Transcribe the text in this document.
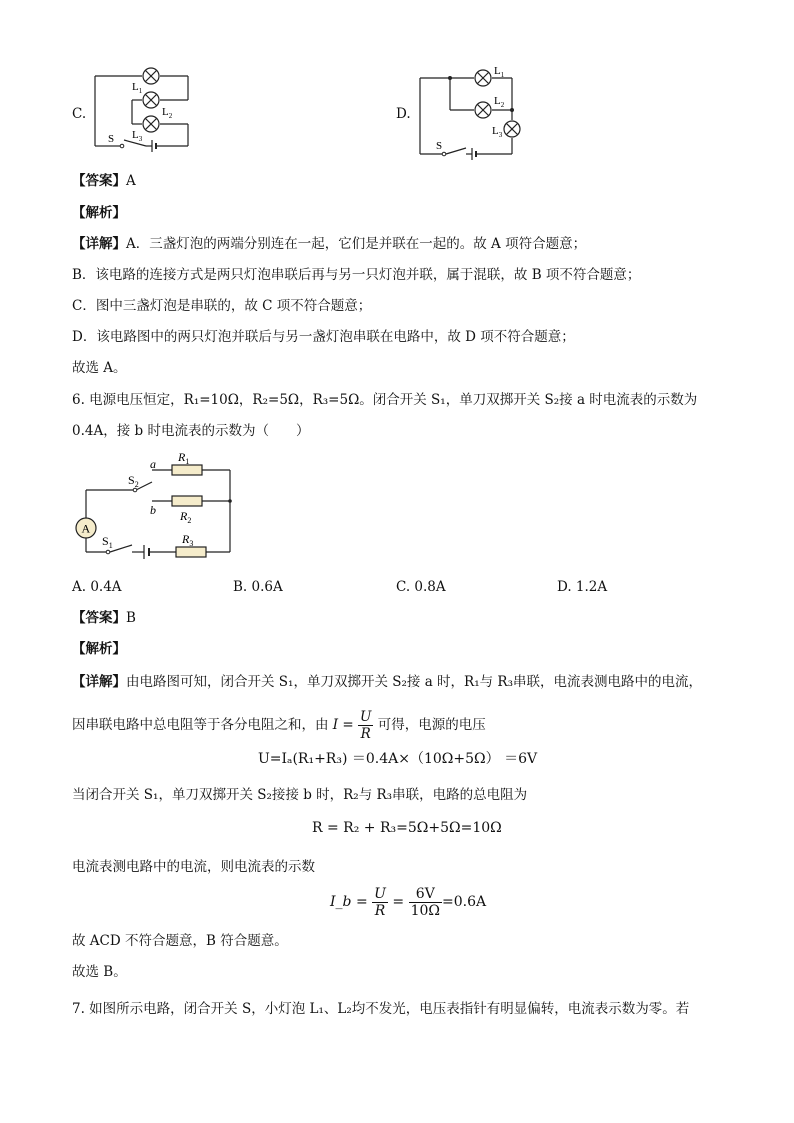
C.
$L_1$
$L_2$
$L_3$
S
D.
$L_1$
$L_2$
$L_3$
S
【答案】A
【解析】
【详解】A．三盏灯泡的两端分别连在一起，它们是并联在一起的。故 A 项符合题意；
B．该电路的连接方式是两只灯泡串联后再与另一只灯泡并联，属于混联，故 B 项不符合题意；
C．图中三盏灯泡是串联的，故 C 项不符合题意；
D．该电路图中的两只灯泡并联后与另一盏灯泡串联在电路中，故 D 项不符合题意；
故选 A。
6. 电源电压恒定，R₁=10Ω，R₂=5Ω，R₃=5Ω。闭合开关 S₁，单刀双掷开关 S₂接 a 时电流表的示数为
0.4A，接 b 时电流表的示数为（　　）
A
a
b
$R_1$
$R_2$
$R_3$
$S_2$
$S_1$
A. 0.4A	B. 0.6A	C. 0.8A	D. 1.2A
【答案】B
【解析】
【详解】由电路图可知，闭合开关 S₁，单刀双掷开关 S₂接 a 时，R₁与 R₃串联，电流表测电路中的电流，
因串联电路中总电阻等于各分电阻之和，由 $I = \frac{U}{R}$ 可得，电源的电压
U=Iₐ(R₁+R₃) ＝0.4A×（10Ω+5Ω） ＝6V
当闭合开关 S₁，单刀双掷开关 S₂接接 b 时，R₂与 R₃串联，电路的总电阻为
R = R₂ + R₃=5Ω+5Ω=10Ω
电流表测电路中的电流，则电流表的示数
I_b = $\frac{U}{R} = \frac{6V}{10\Omega} =0.6A$
故 ACD 不符合题意，B 符合题意。
故选 B。
7. 如图所示电路，闭合开关 S，小灯泡 L₁、L₂均不发光，电压表指针有明显偏转，电流表示数为零。若
